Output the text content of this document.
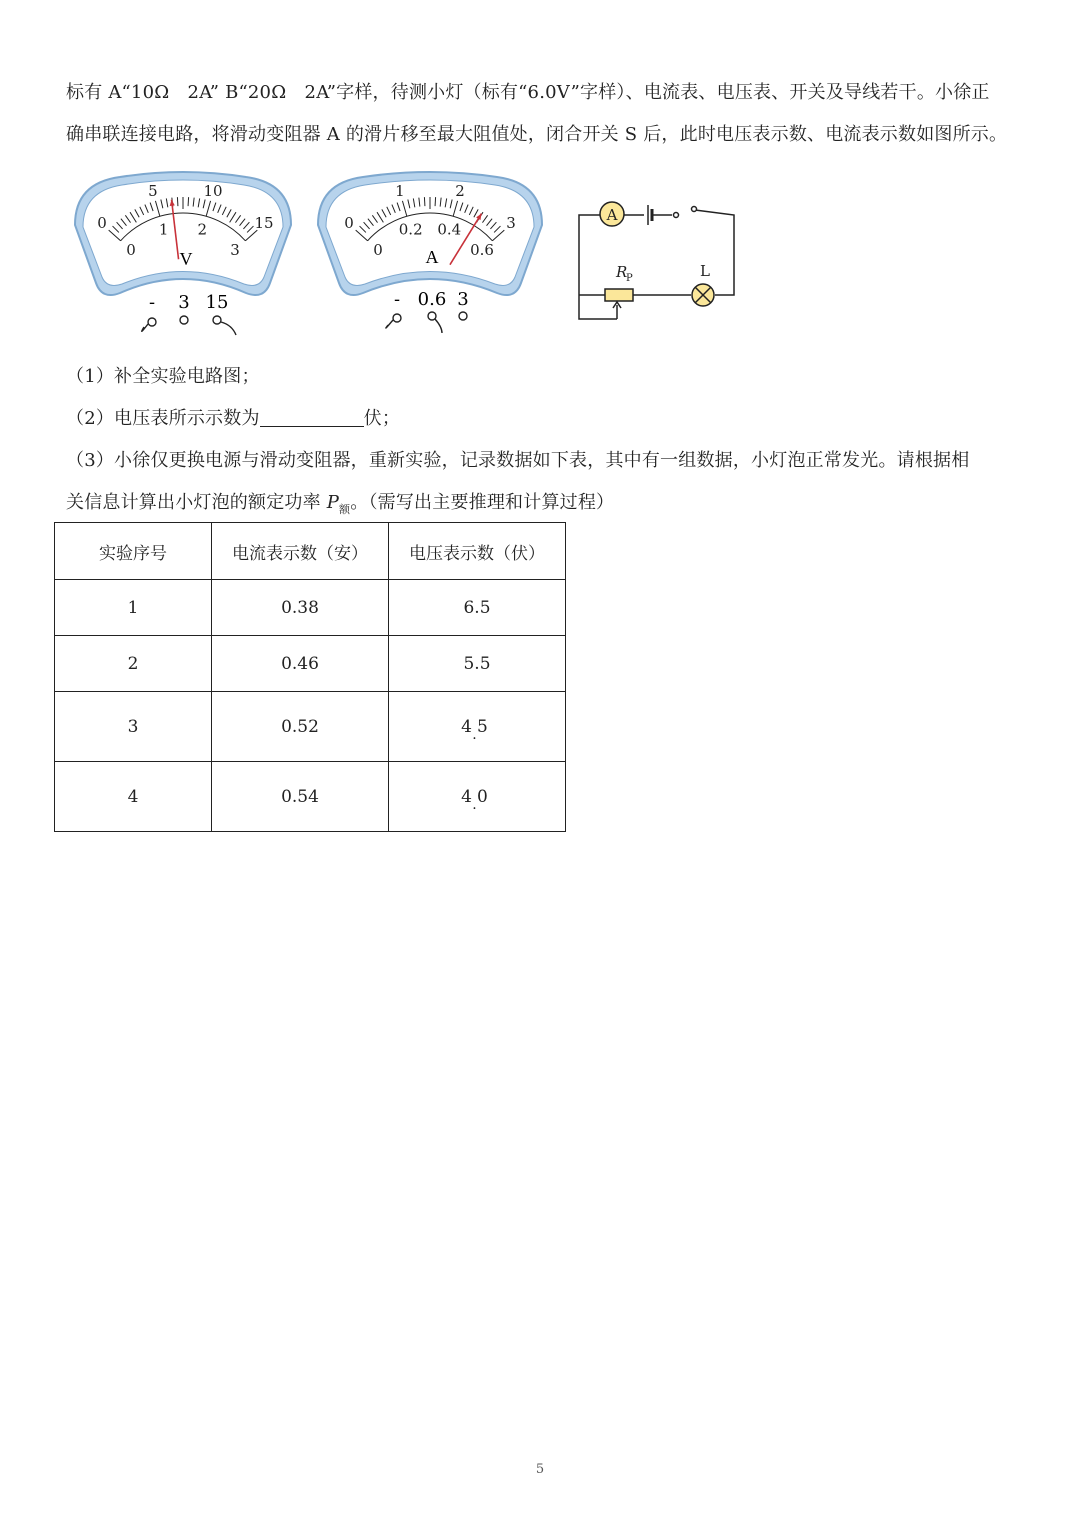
标有 A“10Ω　2A” B“20Ω　2A”字样，待测小灯（标有“6.0V”字样）、电流表、电压表、开关及导线若干。小徐正
确串联连接电路，将滑动变阻器 A 的滑片移至最大阻值处，闭合开关 S 后，此时电压表示数、电流表示数如图所示。
0
5	10
15
0
1 2
3
V
- 3 15
0
1	2
3
0
0.2 0.4
0.6
A
- 0.6 3
A
R
P	L
（1）补全实验电路图；
（2）电压表所示示数为	伏；
（3）小徐仅更换电源与滑动变阻器，重新实验，记录数据如下表，其中有一组数据，小灯泡正常发光。请根据相
关信息计算出小灯泡的额定功率 $P_额$。（需写出主要推理和计算过程）
实验序号	电流表示数（安）	电压表示数（伏）
1	0.38	6.5
2	0.46	5.5
3	0.52	45 ·
4	0.54	40 ·
5
